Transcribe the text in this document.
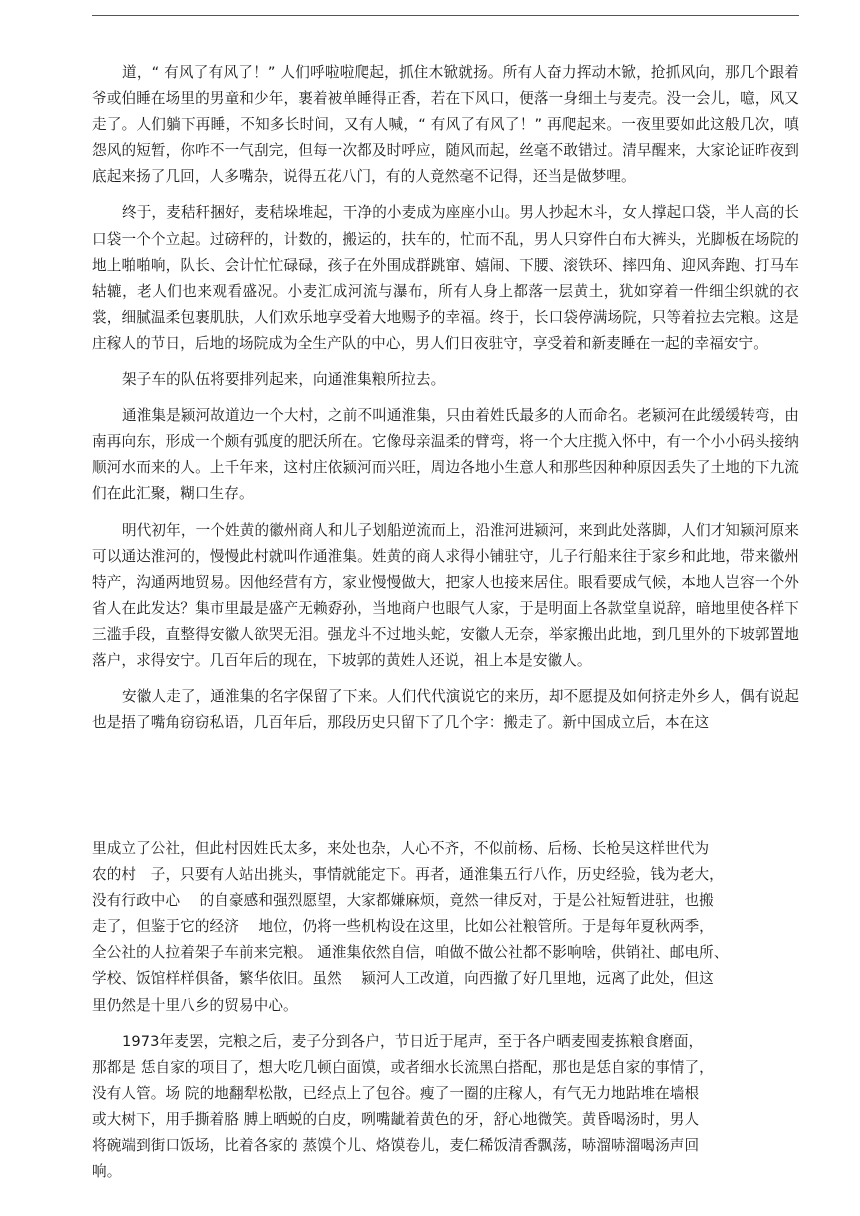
道，“ 有风了有风了！” 人们呼啦啦爬起，抓住木锨就扬。所有人奋力挥动木锨，抢抓风向，那几个跟着爷或伯睡在场里的男童和少年，裹着被单睡得正香，若在下风口，便落一身细土与麦壳。没一会儿，噫，风又走了。人们躺下再睡，不知多长时间，又有人喊，“ 有风了有风了！” 再爬起来。一夜里要如此这般几次，嗔怨风的短暂，你咋不一气刮完，但每一次都及时呼应，随风而起，丝毫不敢错过。清早醒来，大家论证昨夜到底起来扬了几回，人多嘴杂，说得五花八门，有的人竟然毫不记得，还当是做梦哩。

终于，麦秸秆捆好，麦秸垛堆起，干净的小麦成为座座小山。男人抄起木斗，女人撑起口袋，半人高的长口袋一个个立起。过磅秤的，计数的，搬运的，扶车的，忙而不乱，男人只穿件白布大裤头，光脚板在场院的地上啪啪响，队长、会计忙忙碌碌，孩子在外围成群跳窜、嬉闹、下腰、滚铁环、摔四角、迎风奔跑、打马车轱辘，老人们也来观看盛况。小麦汇成河流与瀑布，所有人身上都落一层黄土，犹如穿着一件细尘织就的衣裳，细腻温柔包裹肌肤，人们欢乐地享受着大地赐予的幸福。终于，长口袋停满场院，只等着拉去完粮。这是庄稼人的节日，后地的场院成为全生产队的中心，男人们日夜驻守，享受着和新麦睡在一起的幸福安宁。

架子车的队伍将要排列起来，向通淮集粮所拉去。

通淮集是颍河故道边一个大村，之前不叫通淮集，只由着姓氏最多的人而命名。老颍河在此缓缓转弯，由南再向东，形成一个颇有弧度的肥沃所在。它像母亲温柔的臂弯，将一个大庄揽入怀中，有一个小小码头接纳顺河水而来的人。上千年来，这村庄依颍河而兴旺，周边各地小生意人和那些因种种原因丢失了土地的下九流们在此汇聚，糊口生存。

明代初年，一个姓黄的徽州商人和儿子划船逆流而上，沿淮河进颍河，来到此处落脚，人们才知颍河原来可以通达淮河的，慢慢此村就叫作通淮集。姓黄的商人求得小铺驻守，儿子行船来往于家乡和此地，带来徽州特产，沟通两地贸易。因他经营有方，家业慢慢做大，把家人也接来居住。眼看要成气候，本地人岂容一个外省人在此发达？集市里最是盛产无赖孬孙，当地商户也眼气人家，于是明面上各款堂皇说辞，暗地里使各样下三滥手段，直整得安徽人欲哭无泪。强龙斗不过地头蛇，安徽人无奈，举家搬出此地，到几里外的下坡郭置地落户，求得安宁。几百年后的现在，下坡郭的黄姓人还说，祖上本是安徽人。

安徽人走了，通淮集的名字保留了下来。人们代代演说它的来历，却不愿提及如何挤走外乡人，偶有说起也是捂了嘴角窃窃私语，几百年后，那段历史只留下了几个字：搬走了。新中国成立后，本在这

里成立了公社，但此村因姓氏太多，来处也杂，人心不齐，不似前杨、后杨、长枪吴这样世代为

农的村　子，只要有人站出挑头，事情就能定下。再者，通淮集五行八作，历史经验，钱为老大，

没有行政中心　 的自豪感和强烈愿望，大家都嫌麻烦，竟然一律反对，于是公社短暂进驻，也搬

走了，但鉴于它的经济　 地位，仍将一些机构设在这里，比如公社粮管所。于是每年夏秋两季，

全公社的人拉着架子车前来完粮。 通淮集依然自信，咱做不做公社都不影响啥，供销社、邮电所、

学校、饭馆样样俱备，繁华依旧。虽然　 颍河人工改道，向西撤了好几里地，远离了此处，但这

里仍然是十里八乡的贸易中心。

1973年麦罢，完粮之后，麦子分到各户，节日近于尾声，至于各户晒麦囤麦拣粮食磨面，

那都是 恁自家的项目了，想大吃几顿白面馍，或者细水长流黑白搭配，那也是恁自家的事情了，

没有人管。场 院的地翻犁松散，已经点上了包谷。瘦了一圈的庄稼人，有气无力地跍堆在墙根

或大树下，用手撕着胳 膊上晒蜕的白皮，咧嘴龇着黄色的牙，舒心地微笑。黄昏喝汤时，男人

将碗端到街口饭场，比着各家的 蒸馍个儿、烙馍卷儿，麦仁稀饭清香飘荡，哧溜哧溜喝汤声回

响。
